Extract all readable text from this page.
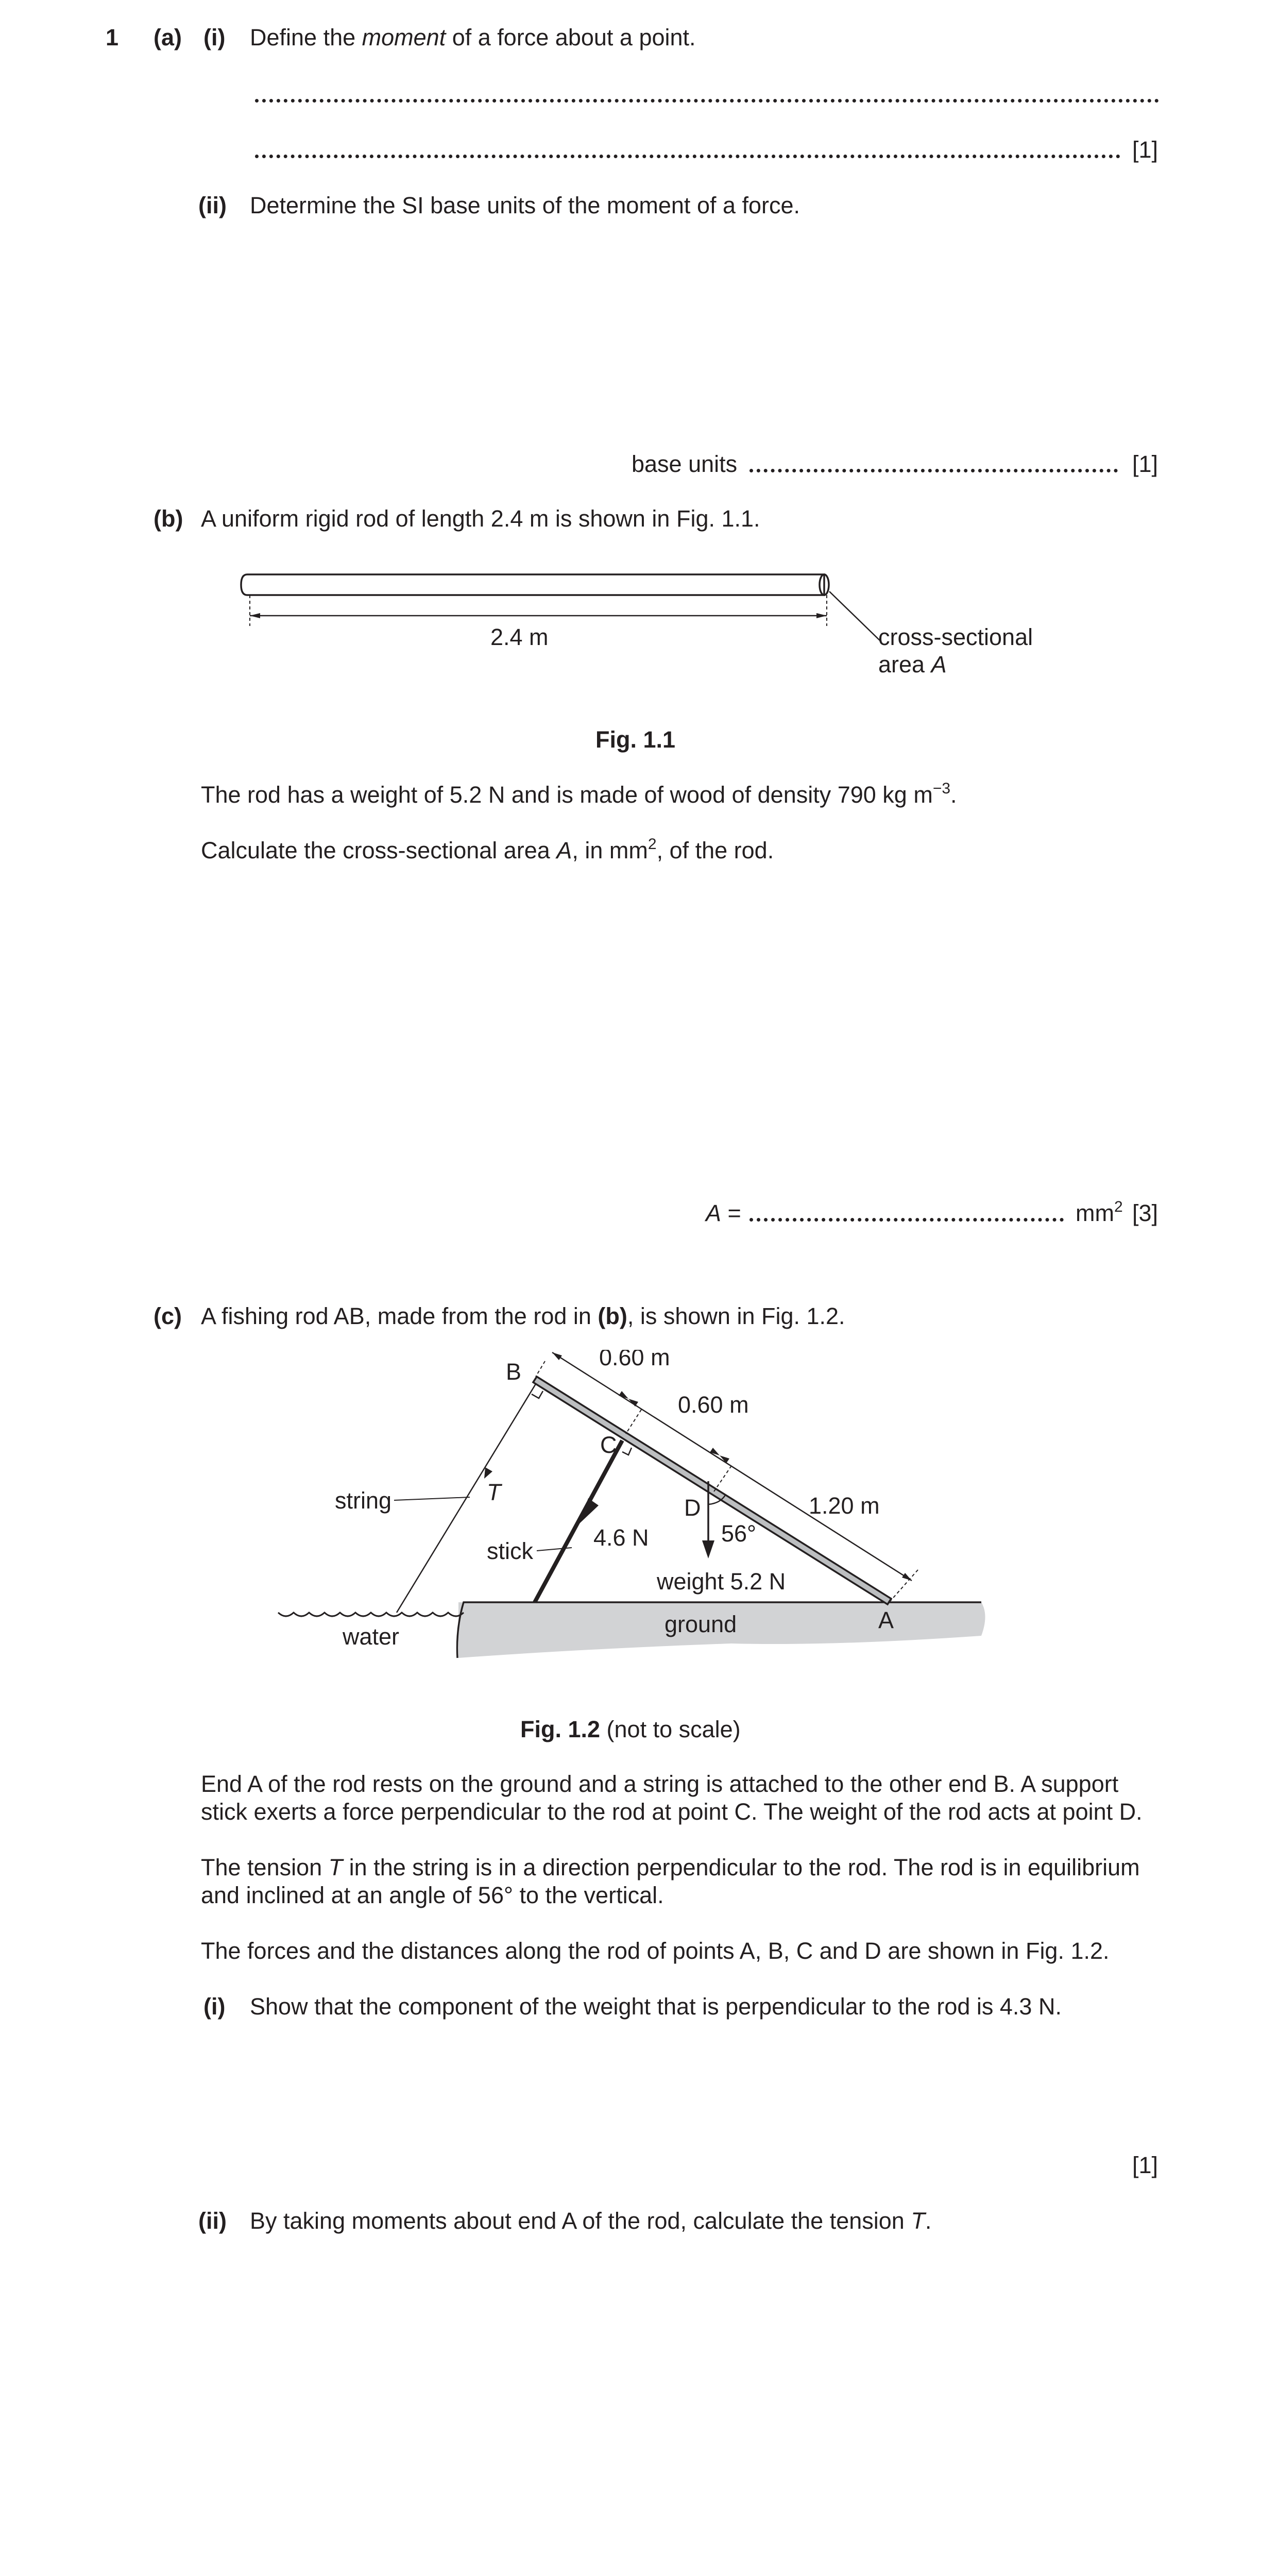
1 (a) (i) Define the moment of a force about a point.
[1]
(ii) Determine the SI base units of the moment of a force.
base units	[1]
(b) A uniform rigid rod of length 2.4 m is shown in Fig. 1.1.
2.4 m	cross-sectional
area A
Fig. 1.1
The rod has a weight of 5.2 N and is made of wood of density 790 kg $m^{-3}$.
Calculate the cross-sectional area A, in $mm^2$, of the rod.
A =	$mm^2$ [3]
(c) A fishing rod AB, made from the rod in (b), is shown in Fig. 1.2.
B
0.60 m
0.60 m
C
D	1.20 m
56°
T
string
stick
4.6 N
weight 5.2 N
A
ground
water
Fig. 1.2 (not to scale)
End A of the rod rests on the ground and a string is attached to the other end B. A support
stick exerts a force perpendicular to the rod at point C. The weight of the rod acts at point D.
The tension T in the string is in a direction perpendicular to the rod. The rod is in equilibrium
and inclined at an angle of 56° to the vertical.
The forces and the distances along the rod of points A, B, C and D are shown in Fig. 1.2.
(i) Show that the component of the weight that is perpendicular to the rod is 4.3 N.
[1]
(ii) By taking moments about end A of the rod, calculate the tension T.
